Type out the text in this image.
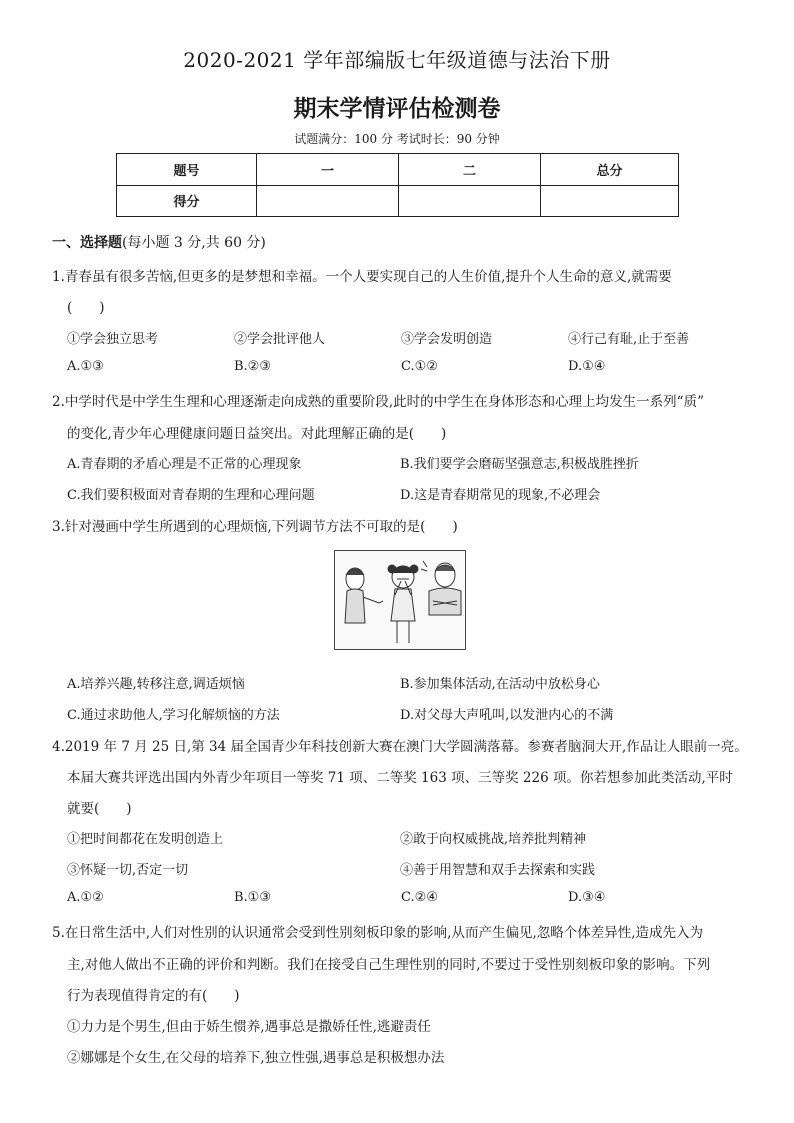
2020-2021 学年部编版七年级道德与法治下册
期末学情评估检测卷
试题满分：100 分 考试时长：90 分钟
题号	一	二	总分
得分			
一、选择题(每小题 3 分,共 60 分)
1.青春虽有很多苦恼,但更多的是梦想和幸福。一个人要实现自己的人生价值,提升个人生命的意义,就需要
(　　)
①学会独立思考	②学会批评他人	③学会发明创造	④行己有耻,止于至善
A.①③	B.②③	C.①②	D.①④
2.中学时代是中学生生理和心理逐渐走向成熟的重要阶段,此时的中学生在身体形态和心理上均发生一系列“质”
的变化,青少年心理健康问题日益突出。对此理解正确的是(　　)
A.青春期的矛盾心理是不正常的心理现象	B.我们要学会磨砺坚强意志,积极战胜挫折
C.我们要积极面对青春期的生理和心理问题	D.这是青春期常见的现象,不必理会
3.针对漫画中学生所遇到的心理烦恼,下列调节方法不可取的是(　　)
A.培养兴趣,转移注意,调适烦恼	B.参加集体活动,在活动中放松身心
C.通过求助他人,学习化解烦恼的方法	D.对父母大声吼叫,以发泄内心的不满
4.2019 年 7 月 25 日,第 34 届全国青少年科技创新大赛在澳门大学圆满落幕。参赛者脑洞大开,作品让人眼前一亮。
本届大赛共评选出国内外青少年项目一等奖 71 项、二等奖 163 项、三等奖 226 项。你若想参加此类活动,平时
就要(　　)
①把时间都花在发明创造上	②敢于向权威挑战,培养批判精神
③怀疑一切,否定一切	④善于用智慧和双手去探索和实践
A.①②	B.①③	C.②④	D.③④
5.在日常生活中,人们对性别的认识通常会受到性别刻板印象的影响,从而产生偏见,忽略个体差异性,造成先入为
主,对他人做出不正确的评价和判断。我们在接受自己生理性别的同时,不要过于受性别刻板印象的影响。下列
行为表现值得肯定的有(　　)
①力力是个男生,但由于娇生惯养,遇事总是撒娇任性,逃避责任
②娜娜是个女生,在父母的培养下,独立性强,遇事总是积极想办法
